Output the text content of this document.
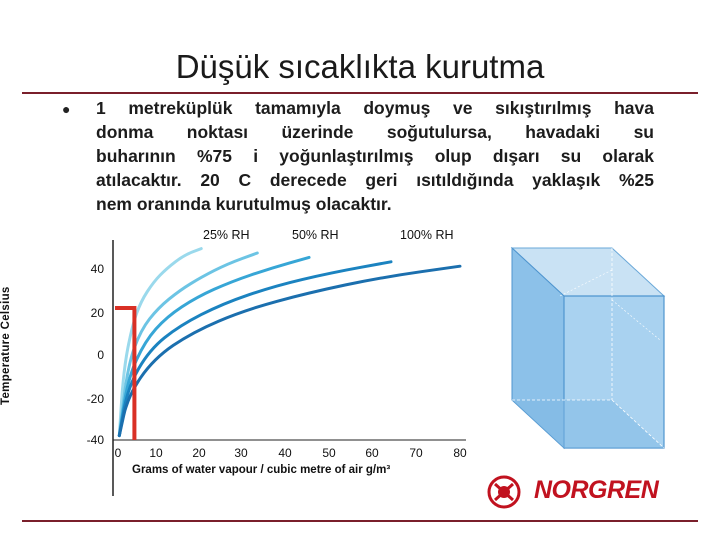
Düşük sıcaklıkta kurutma
● 1 metreküplük tamamıyla doymuş ve sıkıştırılmış hava
donma noktası üzerinde soğutulursa, havadaki su
buharının %75 i yoğunlaştırılmış olup dışarı su olarak
atılacaktır. 20 C derecede geri ısıtıldığında yaklaşık %25
nem oranında kurutulmuş olacaktır.
25% RH	50% RH	100% RH
Temperature Celsius
40
20
0
-20
-40
0	10	20	30	40	50	60	70	80
Grams of water vapour / cubic metre of air g/m³
NORGREN
